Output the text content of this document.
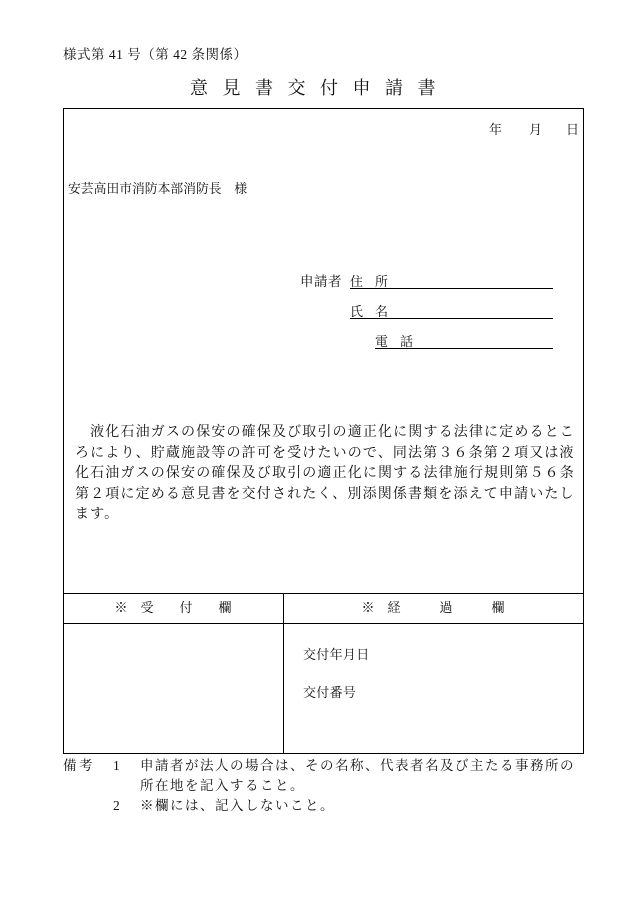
様式第 41 号（第 42 条関係）
意 見 書 交 付 申 請 書
年 月 日
安芸高田市消防本部消防長　様
申請者 住 所
氏 名
電 話
　液化石油ガスの保安の確保及び取引の適正化に関する法律に定めるとこ
ろにより、貯蔵施設等の許可を受けたいので、同法第３６条第２項又は液
化石油ガスの保安の確保及び取引の適正化に関する法律施行規則第５６条
第２項に定める意見書を交付されたく、別添関係書類を添えて申請いたし
ます。
※　受　　付　　欄	※　経　　　過　　　欄
交付年月日
交付番号
備考 1 申請者が法人の場合は、その名称、代表者名及び主たる事務所の
所在地を記入すること。
2 ※欄には、記入しないこと。
